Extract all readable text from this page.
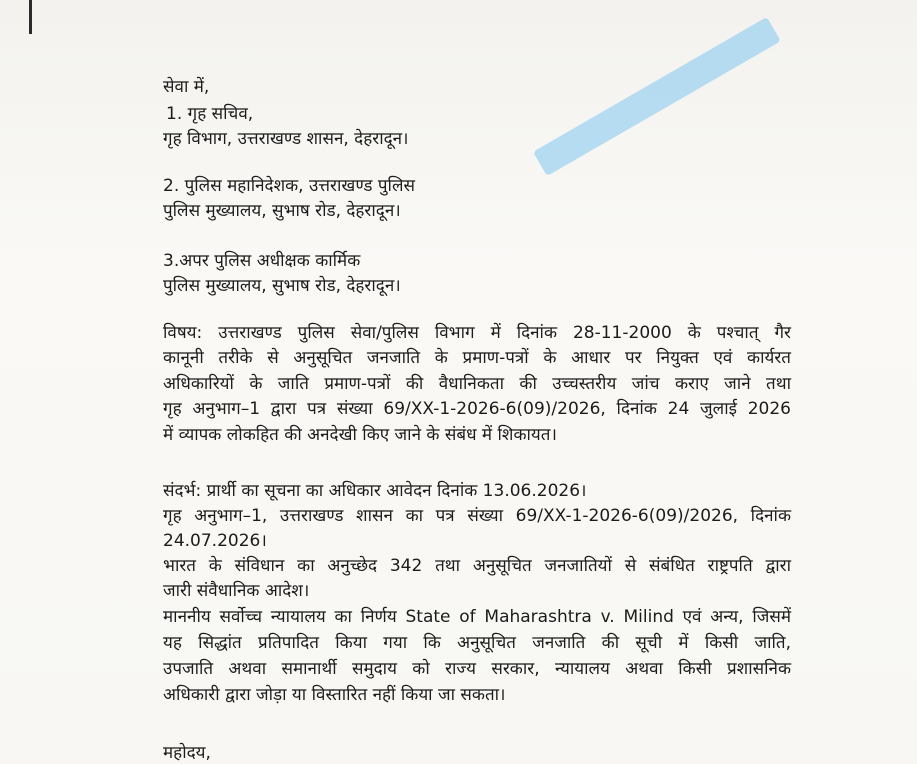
सेवा में,
1. गृह सचिव,
गृह विभाग, उत्तराखण्ड शासन, देहरादून।
2. पुलिस महानिदेशक, उत्तराखण्ड पुलिस
पुलिस मुख्यालय, सुभाष रोड, देहरादून।
3.अपर पुलिस अधीक्षक कार्मिक
पुलिस मुख्यालय, सुभाष रोड, देहरादून।
विषय: उत्तराखण्ड पुलिस सेवा/पुलिस विभाग में दिनांक 28-11-2000 के पश्चात् गैर
कानूनी तरीके से अनुसूचित जनजाति के प्रमाण-पत्रों के आधार पर नियुक्त एवं कार्यरत
अधिकारियों के जाति प्रमाण-पत्रों की वैधानिकता की उच्चस्तरीय जांच कराए जाने तथा
गृह अनुभाग–1 द्वारा पत्र संख्या 69/XX-1-2026-6(09)/2026, दिनांक 24 जुलाई 2026
में व्यापक लोकहित की अनदेखी किए जाने के संबंध में शिकायत।
संदर्भ: प्रार्थी का सूचना का अधिकार आवेदन दिनांक 13.06.2026।
गृह अनुभाग–1, उत्तराखण्ड शासन का पत्र संख्या 69/XX-1-2026-6(09)/2026, दिनांक
24.07.2026।
भारत के संविधान का अनुच्छेद 342 तथा अनुसूचित जनजातियों से संबंधित राष्ट्रपति द्वारा
जारी संवैधानिक आदेश।
माननीय सर्वोच्च न्यायालय का निर्णय State of Maharashtra v. Milind एवं अन्य, जिसमें
यह सिद्धांत प्रतिपादित किया गया कि अनुसूचित जनजाति की सूची में किसी जाति,
उपजाति अथवा समानार्थी समुदाय को राज्य सरकार, न्यायालय अथवा किसी प्रशासनिक
अधिकारी द्वारा जोड़ा या विस्तारित नहीं किया जा सकता।
महोदय,
